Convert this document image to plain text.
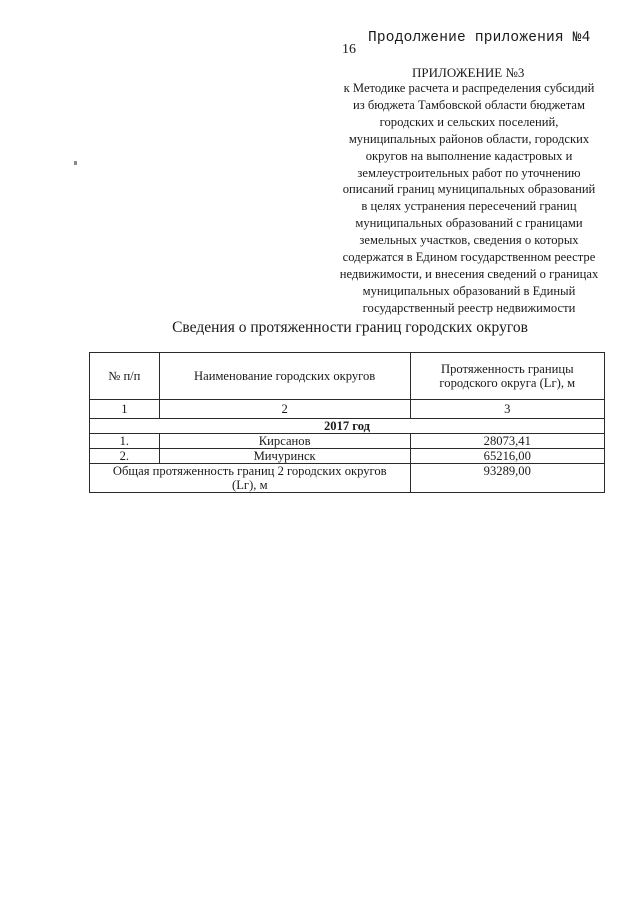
Продолжение приложения №4
16
ПРИЛОЖЕНИЕ №3
к Методике расчета и распределения субсидий
из бюджета Тамбовской области бюджетам
городских и сельских поселений,
муниципальных районов области, городских
округов на выполнение кадастровых и
землеустроительных работ по уточнению
описаний границ муниципальных образований
в целях устранения пересечений границ
муниципальных образований с границами
земельных участков, сведения о которых
содержатся в Едином государственном реестре
недвижимости, и внесения сведений о границах
муниципальных образований в Единый
государственный реестр недвижимости
Сведения о протяженности границ городских округов
№ п/п	Наименование городских округов	Протяженность границы
городского округа (Lг), м

1	2	3
2017 год		
1.	Кирсанов	28073,41
2.	Мичуринск	65216,00

Общая протяженность границ 2 городских округов
(Lг), м		93289,00
